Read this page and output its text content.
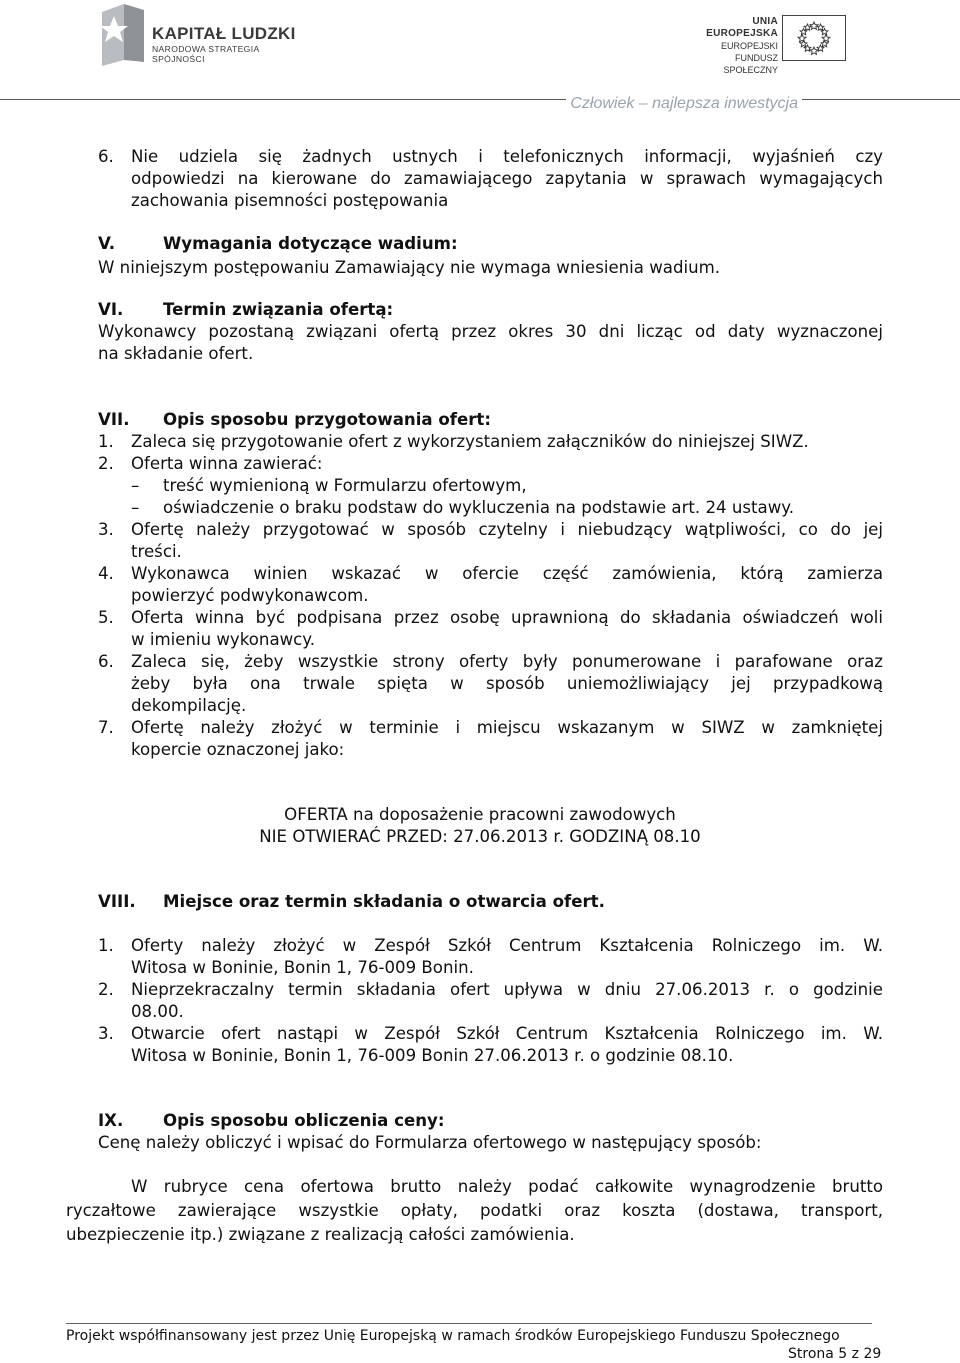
KAPITAŁ LUDZKI
NARODOWA STRATEGIA SPÓJNOŚCI
UNIA EUROPEJSKA
EUROPEJSKI
FUNDUSZ SPOŁECZNY
Człowiek – najlepsza inwestycja
6. Nie udziela się żadnych ustnych i telefonicznych informacji, wyjaśnień czy
odpowiedzi na kierowane do zamawiającego zapytania w sprawach wymagających
zachowania pisemności postępowania
V.	Wymagania dotyczące wadium:
W niniejszym postępowaniu Zamawiający nie wymaga wniesienia wadium.
VI. Termin związania ofertą:
Wykonawcy pozostaną związani ofertą przez okres 30 dni licząc od daty wyznaczonej
na składanie ofert.
VII. Opis sposobu przygotowania ofert:
1. Zaleca się przygotowanie ofert z wykorzystaniem załączników do niniejszej SIWZ.
2. Oferta winna zawierać:
– treść wymienioną w Formularzu ofertowym,
– oświadczenie o braku podstaw do wykluczenia na podstawie art. 24 ustawy.
3. Ofertę należy przygotować w sposób czytelny i niebudzący wątpliwości, co do jej
treści.
4. Wykonawca winien wskazać w ofercie część zamówienia, którą zamierza
powierzyć podwykonawcom.
5. Oferta winna być podpisana przez osobę uprawnioną do składania oświadczeń woli
w imieniu wykonawcy.
6. Zaleca się, żeby wszystkie strony oferty były ponumerowane i parafowane oraz
żeby była ona trwale spięta w sposób uniemożliwiający jej przypadkową
dekompilację.
7. Ofertę należy złożyć w terminie i miejscu wskazanym w SIWZ w zamkniętej
kopercie oznaczonej jako:
OFERTA na doposażenie pracowni zawodowych
NIE OTWIERAĆ PRZED: 27.06.2013 r. GODZINĄ 08.10
VIII. Miejsce oraz termin składania o otwarcia ofert.
1. Oferty należy złożyć w Zespół Szkół Centrum Kształcenia Rolniczego im. W.
Witosa w Boninie, Bonin 1, 76-009 Bonin.
2. Nieprzekraczalny termin składania ofert upływa w dniu 27.06.2013 r. o godzinie
08.00.
3. Otwarcie ofert nastąpi w Zespół Szkół Centrum Kształcenia Rolniczego im. W.
Witosa w Boninie, Bonin 1, 76-009 Bonin 27.06.2013 r. o godzinie 08.10.
IX. Opis sposobu obliczenia ceny:
Cenę należy obliczyć i wpisać do Formularza ofertowego w następujący sposób:
W rubryce cena ofertowa brutto należy podać całkowite wynagrodzenie brutto
ryczałtowe zawierające wszystkie opłaty, podatki oraz koszta (dostawa, transport,
ubezpieczenie itp.) związane z realizacją całości zamówienia.
Projekt współfinansowany jest przez Unię Europejską w ramach środków Europejskiego Funduszu Społecznego
Strona 5 z 29
